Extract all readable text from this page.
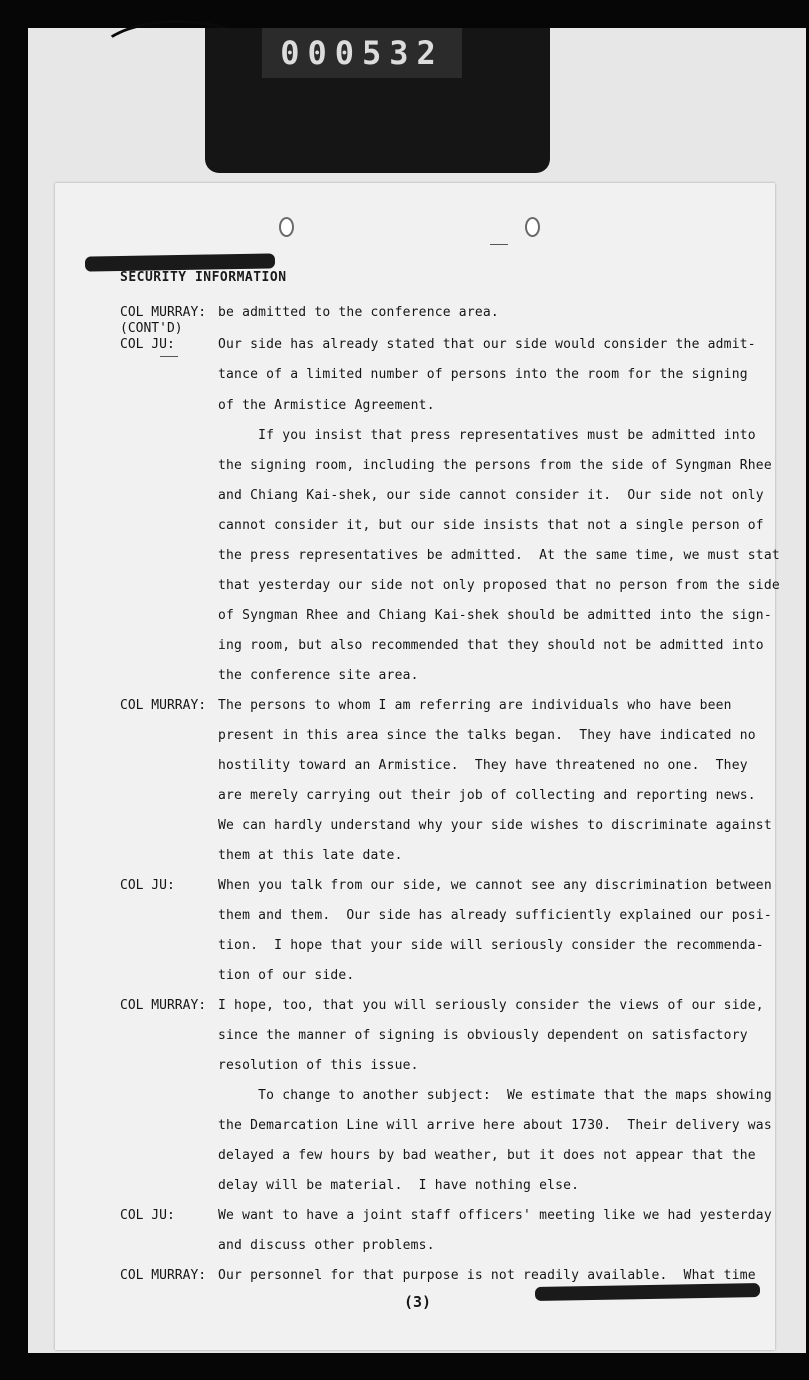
000532
SECURITY INFORMATION
COL MURRAY: be admitted to the conference area.
(CONT'D)
COL JU:	Our side has already stated that our side would consider the admit-
tance of a limited number of persons into the room for the signing
of the Armistice Agreement.
If you insist that press representatives must be admitted into
the signing room, including the persons from the side of Syngman Rhee
and Chiang Kai-shek, our side cannot consider it.  Our side not only
cannot consider it, but our side insists that not a single person of
the press representatives be admitted.  At the same time, we must stat
that yesterday our side not only proposed that no person from the side
of Syngman Rhee and Chiang Kai-shek should be admitted into the sign-
ing room, but also recommended that they should not be admitted into
the conference site area.
COL MURRAY: The persons to whom I am referring are individuals who have been
present in this area since the talks began.  They have indicated no
hostility toward an Armistice.  They have threatened no one.  They
are merely carrying out their job of collecting and reporting news.
We can hardly understand why your side wishes to discriminate against
them at this late date.
COL JU:	When you talk from our side, we cannot see any discrimination between
them and them.  Our side has already sufficiently explained our posi-
tion.  I hope that your side will seriously consider the recommenda-
tion of our side.
COL MURRAY: I hope, too, that you will seriously consider the views of our side,
since the manner of signing is obviously dependent on satisfactory
resolution of this issue.
To change to another subject:  We estimate that the maps showing
the Demarcation Line will arrive here about 1730.  Their delivery was
delayed a few hours by bad weather, but it does not appear that the
delay will be material.  I have nothing else.
COL JU:	We want to have a joint staff officers' meeting like we had yesterday
and discuss other problems.
COL MURRAY: Our personnel for that purpose is not readily available.  What time
(3)
